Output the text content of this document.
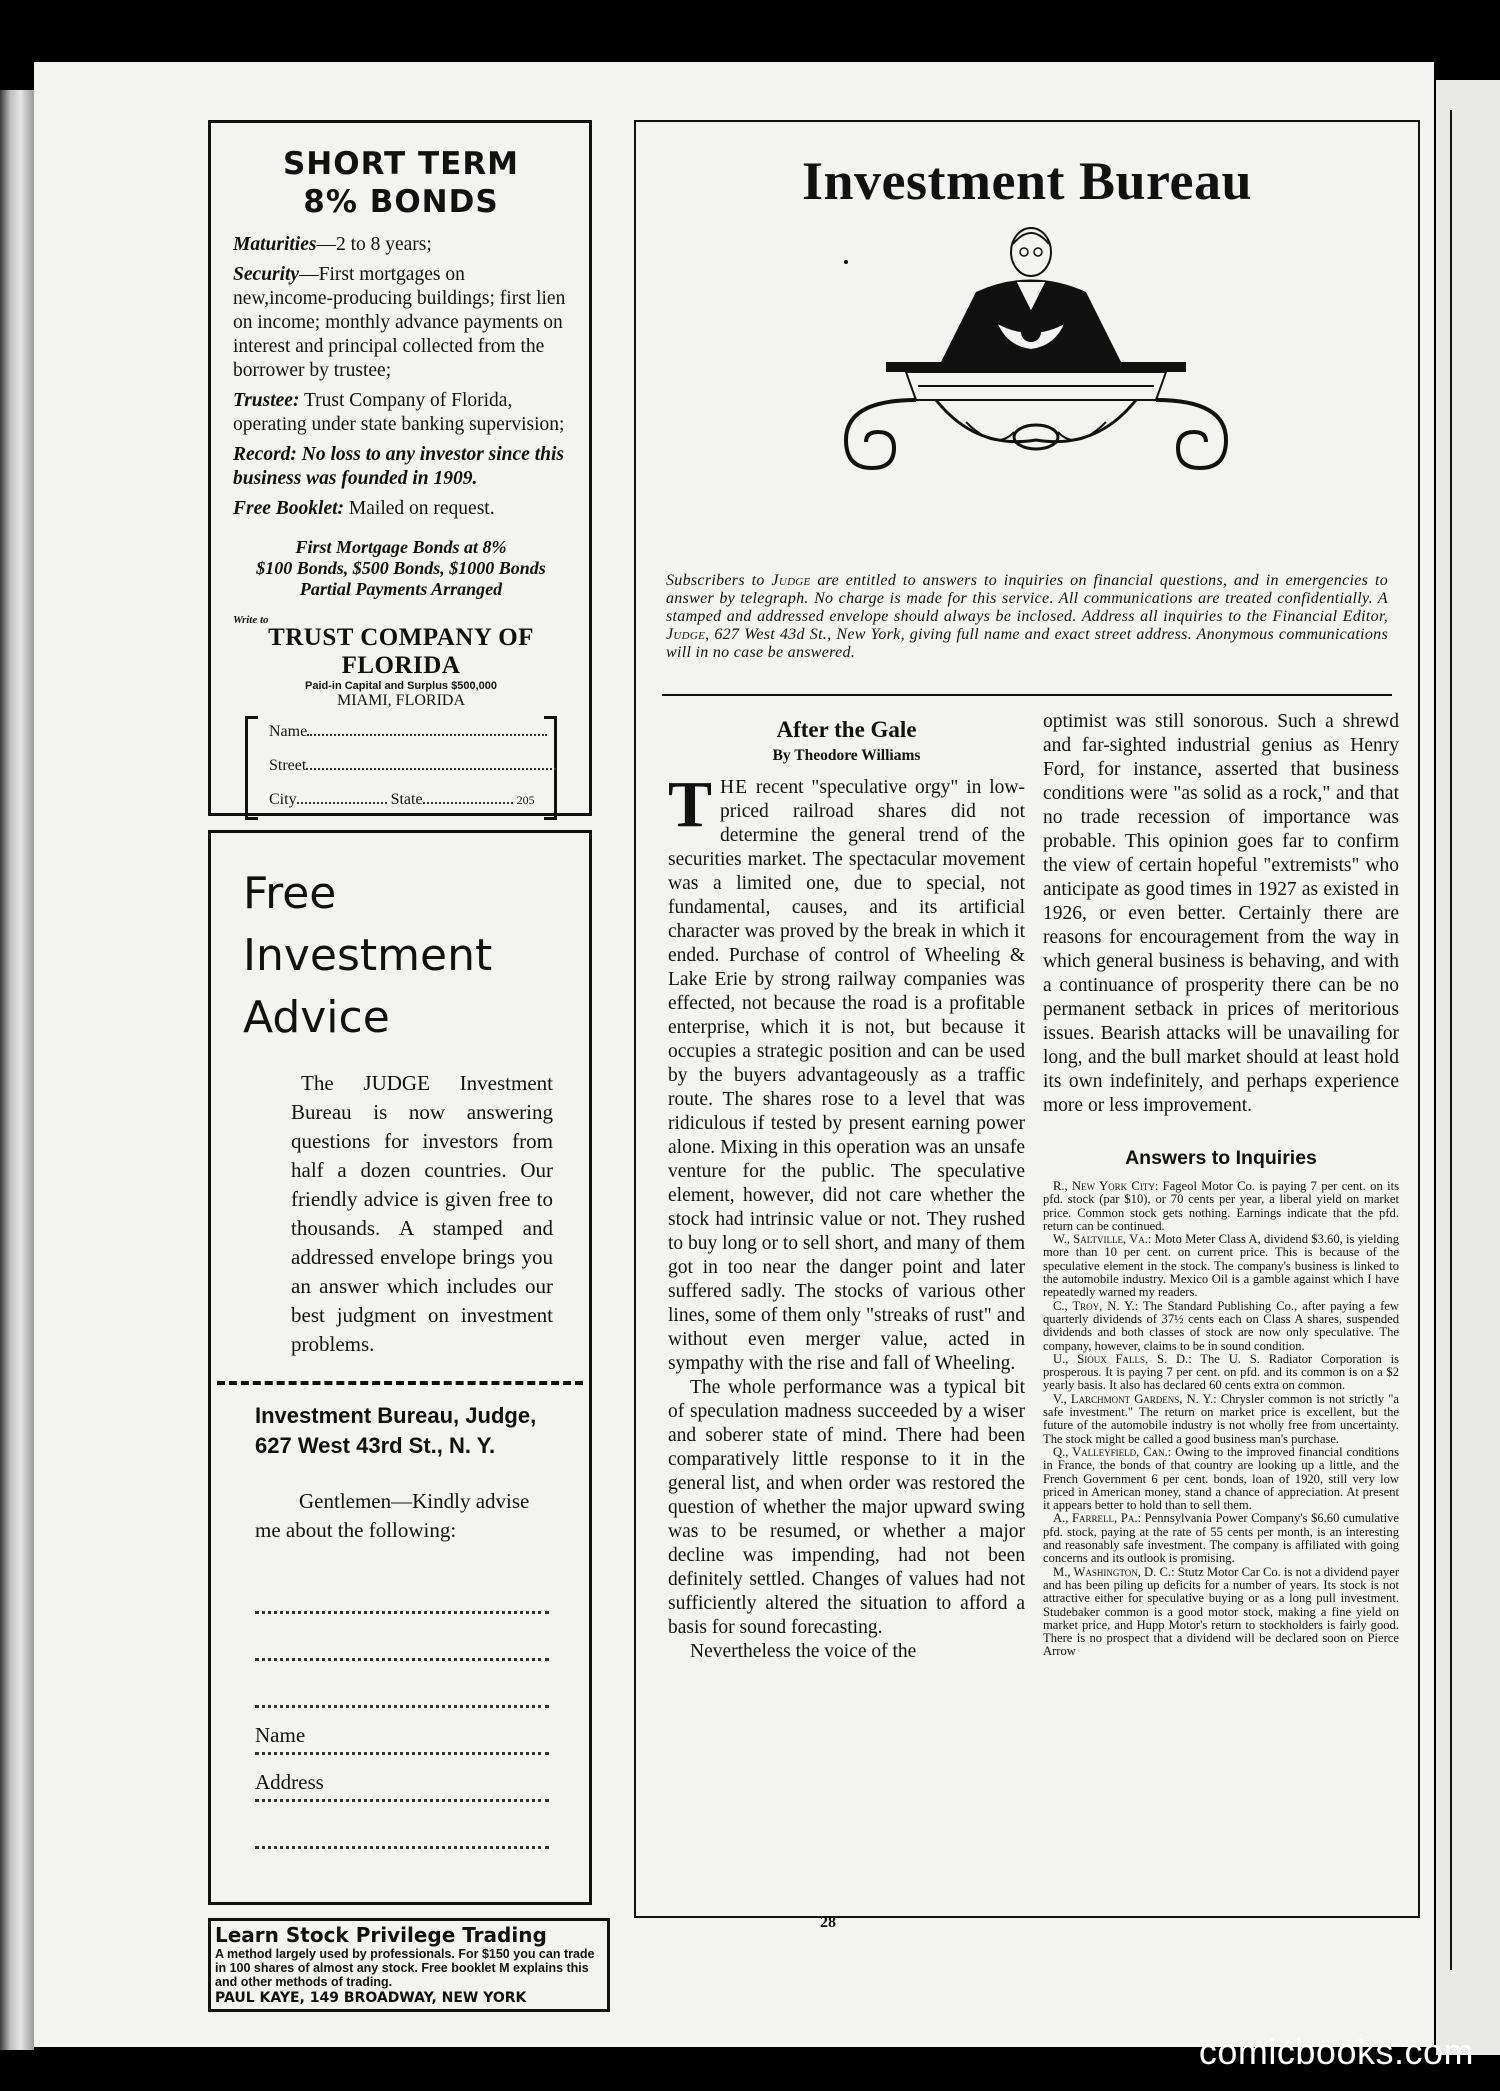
SHORT TERM
8% BONDS

Maturities—2 to 8 years;

Security—First mortgages on new,income-producing buildings; first lien on income; monthly advance payments on interest and principal collected from the borrower by trustee;

Trustee: Trust Company of Florida, operating under state banking supervision;

Record: No loss to any investor since this business was founded in 1909.

Free Booklet: Mailed on request.

First Mortgage Bonds at 8%
$100 Bonds, $500 Bonds, $1000 Bonds
Partial Payments Arranged
Write to
TRUST COMPANY OF FLORIDA
Paid-in Capital and Surplus $500,000
MIAMI, FLORIDA
Name
Street
City	State	205
Free
Investment
Advice
The JUDGE Investment Bureau is now answering questions for investors from half a dozen countries. Our friendly advice is given free to thousands. A stamped and addressed envelope brings you an answer which includes our best judgment on investment problems.
Investment Bureau, Judge,
627 West 43rd St., N. Y.
Gentlemen—Kindly advise me about the following:
Name
Address
Learn Stock Privilege Trading
A method largely used by professionals. For $150 you can trade in 100 shares of almost any stock. Free booklet M explains this and other methods of trading.
PAUL KAYE, 149 BROADWAY, NEW YORK
Investment Bureau
Subscribers to Judge are entitled to answers to inquiries on financial questions, and in emergencies to answer by telegraph. No charge is made for this service. All communications are treated confidentially. A stamped and addressed envelope should always be inclosed. Address all inquiries to the Financial Editor, Judge, 627 West 43d St., New York, giving full name and exact street address. Anonymous communications will in no case be answered.
After the Gale
By Theodore Williams

THE recent "speculative orgy" in low-priced railroad shares did not determine the general trend of the securities market. The spectacular movement was a limited one, due to special, not fundamental, causes, and its artificial character was proved by the break in which it ended. Purchase of control of Wheeling & Lake Erie by strong railway companies was effected, not because the road is a profitable enterprise, which it is not, but because it occupies a strategic position and can be used by the buyers advantageously as a traffic route. The shares rose to a level that was ridiculous if tested by present earning power alone. Mixing in this operation was an unsafe venture for the public. The speculative element, however, did not care whether the stock had intrinsic value or not. They rushed to buy long or to sell short, and many of them got in too near the danger point and later suffered sadly. The stocks of various other lines, some of them only "streaks of rust" and without even merger value, acted in sympathy with the rise and fall of Wheeling.

The whole performance was a typical bit of speculation madness succeeded by a wiser and soberer state of mind. There had been comparatively little response to it in the general list, and when order was restored the question of whether the major upward swing was to be resumed, or whether a major decline was impending, had not been definitely settled. Changes of values had not sufficiently altered the situation to afford a basis for sound forecasting.

Nevertheless the voice of the

optimist was still sonorous. Such a shrewd and far-sighted industrial genius as Henry Ford, for instance, asserted that business conditions were "as solid as a rock," and that no trade recession of importance was probable. This opinion goes far to confirm the view of certain hopeful "extremists" who anticipate as good times in 1927 as existed in 1926, or even better. Certainly there are reasons for encouragement from the way in which general business is behaving, and with a continuance of prosperity there can be no permanent setback in prices of meritorious issues. Bearish attacks will be unavailing for long, and the bull market should at least hold its own indefinitely, and perhaps experience more or less improvement.
Answers to Inquiries

R., New York City: Fageol Motor Co. is paying 7 per cent. on its pfd. stock (par $10), or 70 cents per year, a liberal yield on market price. Common stock gets nothing. Earnings indicate that the pfd. return can be continued.

W., Saltville, Va.: Moto Meter Class A, dividend $3.60, is yielding more than 10 per cent. on current price. This is because of the speculative element in the stock. The company's business is linked to the automobile industry. Mexico Oil is a gamble against which I have repeatedly warned my readers.

C., Troy, N. Y.: The Standard Publishing Co., after paying a few quarterly dividends of 37½ cents each on Class A shares, suspended dividends and both classes of stock are now only speculative. The company, however, claims to be in sound condition.

U., Sioux Falls, S. D.: The U. S. Radiator Corporation is prosperous. It is paying 7 per cent. on pfd. and its common is on a $2 yearly basis. It also has declared 60 cents extra on common.

V., Larchmont Gardens, N. Y.: Chrysler common is not strictly "a safe investment." The return on market price is excellent, but the future of the automobile industry is not wholly free from uncertainty. The stock might be called a good business man's purchase.

Q., Valleyfield, Can.: Owing to the improved financial conditions in France, the bonds of that country are looking up a little, and the French Government 6 per cent. bonds, loan of 1920, still very low priced in American money, stand a chance of appreciation. At present it appears better to hold than to sell them.

A., Farrell, Pa.: Pennsylvania Power Company's $6.60 cumulative pfd. stock, paying at the rate of 55 cents per month, is an interesting and reasonably safe investment. The company is affiliated with going concerns and its outlook is promising.

M., Washington, D. C.: Stutz Motor Car Co. is not a dividend payer and has been piling up deficits for a number of years. Its stock is not attractive either for speculative buying or as a long pull investment. Studebaker common is a good motor stock, making a fine yield on market price, and Hupp Motor's return to stockholders is fairly good. There is no prospect that a dividend will be declared soon on Pierce Arrow

28
comicbooks.com
